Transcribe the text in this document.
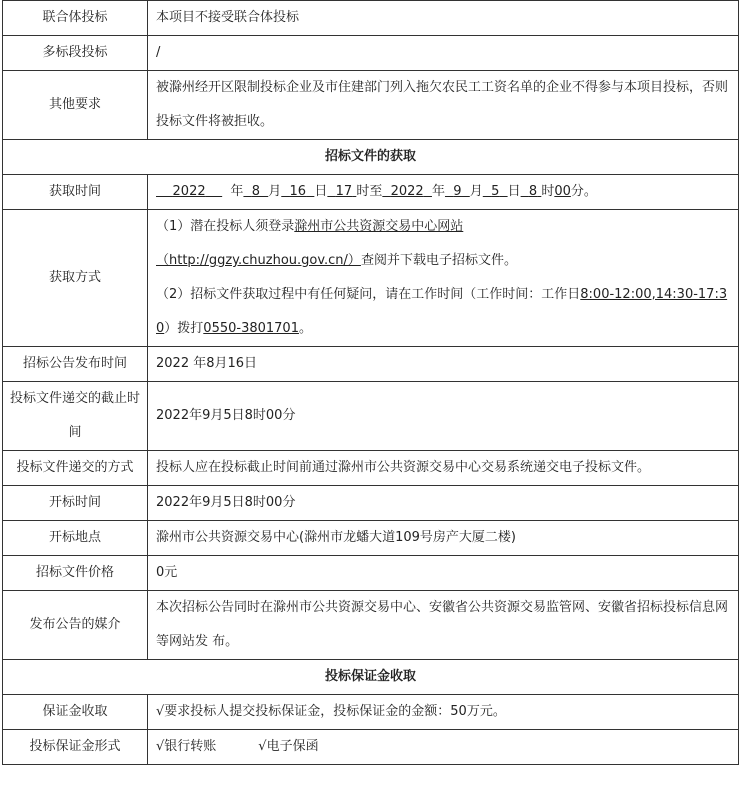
联合体投标	本项目不接受联合体投标
多标段投标	/
其他要求	被滁州经开区限制投标企业及市住建部门列入拖欠农民工工资名单的企业不得参与本项目投标，否则投标文件将被拒收。
招标文件的获取	
获取时间	2022 年 8 月 16 日 17 时至 2022 年 9 月 5 日 8 时00分。
获取方式	（1）潜在投标人须登录滁州市公共资源交易中心网站
（http://ggzy.chuzhou.gov.cn/）查阅并下载电子招标文件。
（2）招标文件获取过程中有任何疑问，请在工作时间（工作时间：工作日8:00-12:00,14:30-17:30）拨打0550-3801701。

招标公告发布时间	2022 年8月16日
投标文件递交的截止时间	2022年9月5日8时00分
投标文件递交的方式	投标人应在投标截止时间前通过滁州市公共资源交易中心交易系统递交电子投标文件。
开标时间	2022年9月5日8时00分
开标地点	滁州市公共资源交易中心(滁州市龙蟠大道109号房产大厦二楼)
招标文件价格	0元
发布公告的媒介	本次招标公告同时在滁州市公共资源交易中心、安徽省公共资源交易监管网、安徽省招标投标信息网等网站发 布。
投标保证金收取	
保证金收取	√要求投标人提交投标保证金，投标保证金的金额：50万元。
投标保证金形式	√银行转账 √电子保函
